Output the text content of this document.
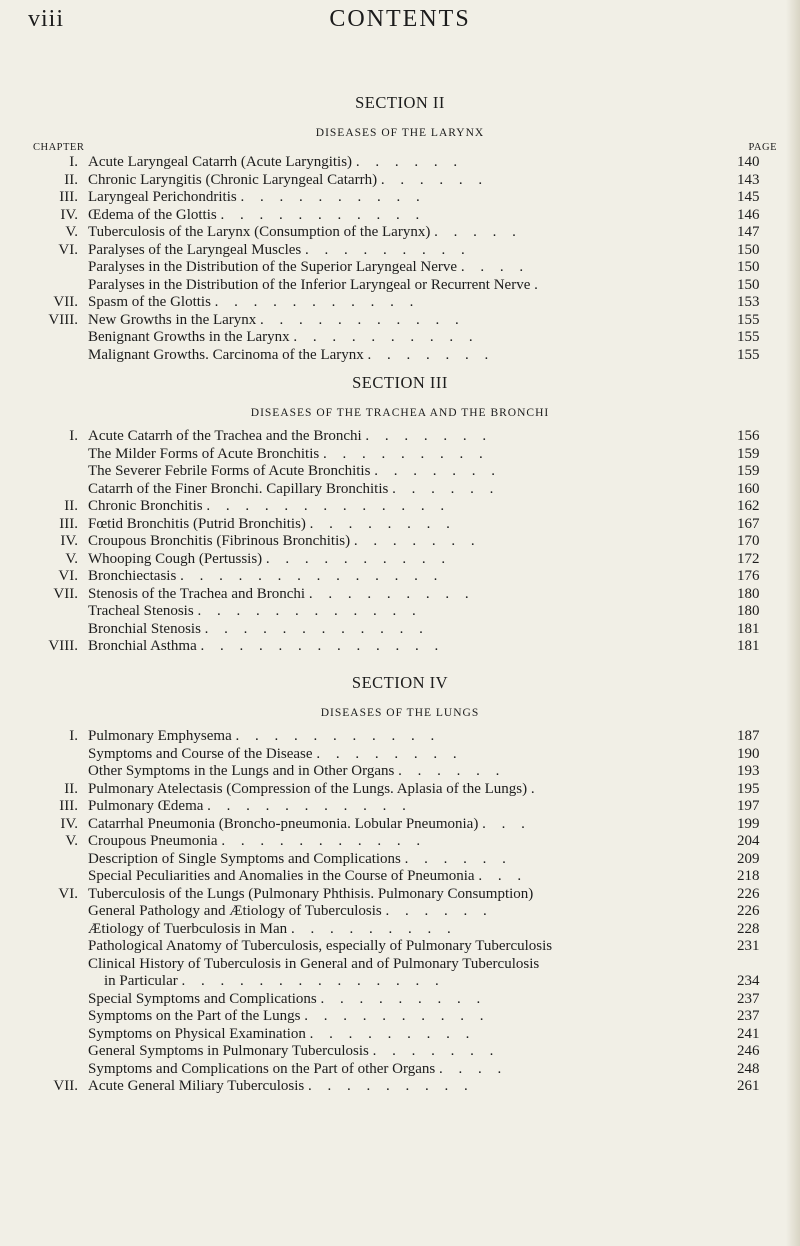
viii	CONTENTS
SECTION II
DISEASES OF THE LARYNX
CHAPTER	PAGE
I. Acute Laryngeal Catarrh (Acute Laryngitis) . . . . . .	140
II. Chronic Laryngitis (Chronic Laryngeal Catarrh) . . . . . .	143
III. Laryngeal Perichondritis . . . . . . . . . .	145
IV. Œdema of the Glottis . . . . . . . . . . .	146
V. Tuberculosis of the Larynx (Consumption of the Larynx) . . . . .	147
VI. Paralyses of the Laryngeal Muscles . . . . . . . . .	150
Paralyses in the Distribution of the Superior Laryngeal Nerve . . . .	150
Paralyses in the Distribution of the Inferior Laryngeal or Recurrent Nerve .	150
VII. Spasm of the Glottis . . . . . . . . . . .	153
VIII. New Growths in the Larynx . . . . . . . . . . .	155
Benignant Growths in the Larynx . . . . . . . . . .	155
Malignant Growths. Carcinoma of the Larynx . . . . . . .	155
SECTION III
DISEASES OF THE TRACHEA AND THE BRONCHI
I. Acute Catarrh of the Trachea and the Bronchi . . . . . . .	156
The Milder Forms of Acute Bronchitis . . . . . . . . .	159
The Severer Febrile Forms of Acute Bronchitis . . . . . . .	159
Catarrh of the Finer Bronchi. Capillary Bronchitis . . . . . .	160
II. Chronic Bronchitis . . . . . . . . . . . . .	162
III. Fœtid Bronchitis (Putrid Bronchitis) . . . . . . . .	167
IV. Croupous Bronchitis (Fibrinous Bronchitis) . . . . . . .	170
V. Whooping Cough (Pertussis) . . . . . . . . . .	172
VI. Bronchiectasis . . . . . . . . . . . . . .	176
VII. Stenosis of the Trachea and Bronchi . . . . . . . . .	180
Tracheal Stenosis . . . . . . . . . . . .	180
Bronchial Stenosis . . . . . . . . . . . .	181
VIII. Bronchial Asthma . . . . . . . . . . . . .	181
SECTION IV
DISEASES OF THE LUNGS
I. Pulmonary Emphysema . . . . . . . . . . .	187
Symptoms and Course of the Disease . . . . . . . .	190
Other Symptoms in the Lungs and in Other Organs . . . . . .	193
II. Pulmonary Atelectasis (Compression of the Lungs. Aplasia of the Lungs) .	195
III. Pulmonary Œdema . . . . . . . . . . .	197
IV. Catarrhal Pneumonia (Broncho-pneumonia. Lobular Pneumonia) . . .	199
V. Croupous Pneumonia . . . . . . . . . . .	204
Description of Single Symptoms and Complications . . . . . .	209
Special Peculiarities and Anomalies in the Course of Pneumonia . . .	218
VI. Tuberculosis of the Lungs (Pulmonary Phthisis. Pulmonary Consumption)	226
General Pathology and Ætiology of Tuberculosis . . . . . .	226
Ætiology of Tuerbculosis in Man . . . . . . . . .	228
Pathological Anatomy of Tuberculosis, especially of Pulmonary Tuberculosis	231
Clinical History of Tuberculosis in General and of Pulmonary Tuberculosis
in Particular . . . . . . . . . . . . . .	234
Special Symptoms and Complications . . . . . . . . .	237
Symptoms on the Part of the Lungs . . . . . . . . . .	237
Symptoms on Physical Examination . . . . . . . . .	241
General Symptoms in Pulmonary Tuberculosis . . . . . . .	246
Symptoms and Complications on the Part of other Organs . . . .	248
VII. Acute General Miliary Tuberculosis . . . . . . . . .	261
